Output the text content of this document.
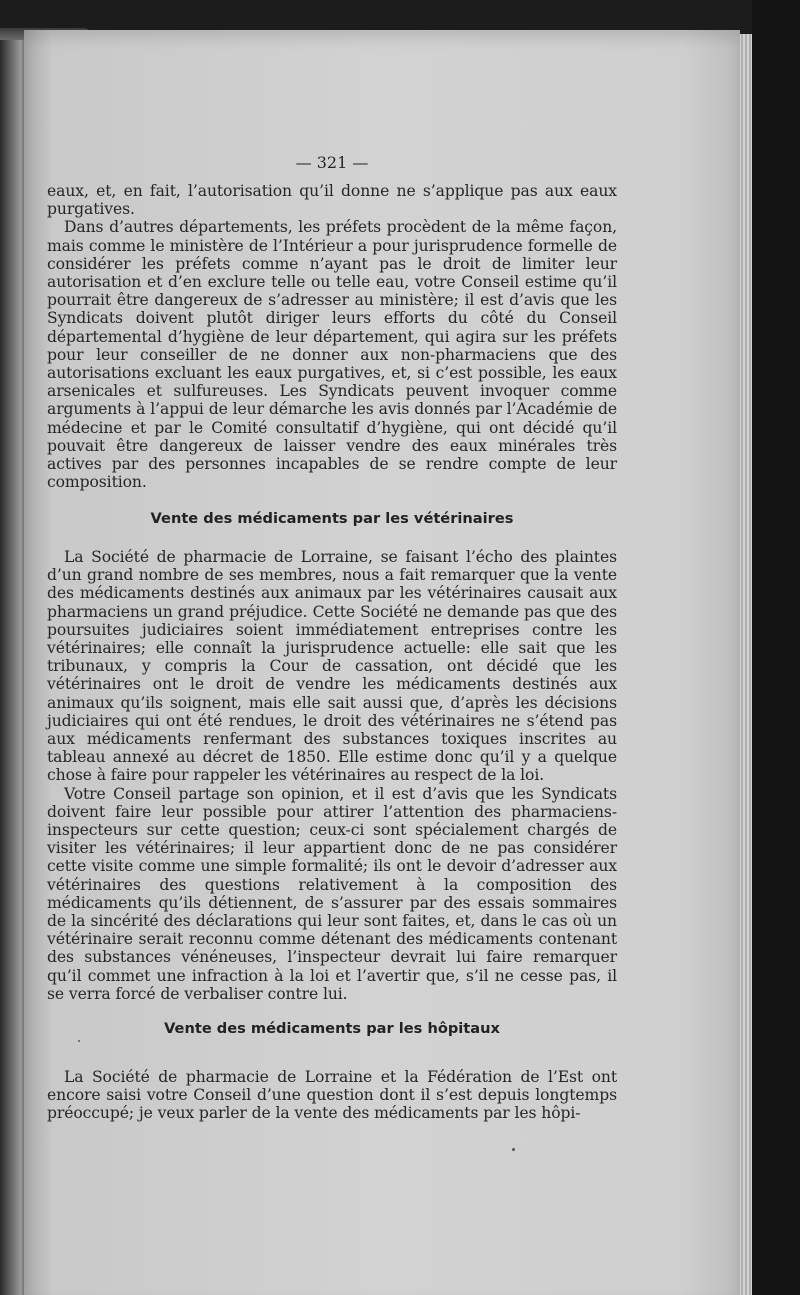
— 321 —

eaux, et, en fait, l’autorisation qu’il donne ne s’applique pas aux eaux purgatives.

Dans d’autres départements, les préfets procèdent de la même façon, mais comme le ministère de l’Intérieur a pour jurisprudence formelle de considérer les préfets comme n’ayant pas le droit de limiter leur autorisation et d’en exclure telle ou telle eau, votre Conseil estime qu’il pourrait être dangereux de s’adresser au ministère; il est d’avis que les Syndicats doivent plutôt diriger leurs efforts du côté du Conseil départemental d’hygiène de leur département, qui agira sur les préfets pour leur conseiller de ne donner aux non-pharmaciens que des autorisations excluant les eaux purgatives, et, si c’est possible, les eaux arsenicales et sulfureuses. Les Syndicats peuvent invoquer comme arguments à l’appui de leur démarche les avis donnés par l’Académie de médecine et par le Comité consultatif d’hygiène, qui ont décidé qu’il pouvait être dangereux de laisser vendre des eaux minérales très actives par des personnes incapables de se rendre compte de leur composition.

Vente des médicaments par les vétérinaires

La Société de pharmacie de Lorraine, se faisant l’écho des plaintes d’un grand nombre de ses membres, nous a fait remarquer que la vente des médicaments destinés aux animaux par les vétérinaires causait aux pharmaciens un grand préjudice. Cette Société ne demande pas que des poursuites judiciaires soient immédiatement entreprises contre les vétérinaires; elle connaît la jurisprudence actuelle: elle sait que les tribunaux, y compris la Cour de cassation, ont décidé que les vétérinaires ont le droit de vendre les médicaments destinés aux animaux qu’ils soignent, mais elle sait aussi que, d’après les décisions judiciaires qui ont été rendues, le droit des vétérinaires ne s’étend pas aux médicaments renfermant des substances toxiques inscrites au tableau annexé au décret de 1850. Elle estime donc qu’il y a quelque chose à faire pour rappeler les vétérinaires au respect de la loi.

Votre Conseil partage son opinion, et il est d’avis que les Syndicats doivent faire leur possible pour attirer l’attention des pharmaciens-inspecteurs sur cette question; ceux-ci sont spécialement chargés de visiter les vétérinaires; il leur appartient donc de ne pas considérer cette visite comme une simple formalité; ils ont le devoir d’adresser aux vétérinaires des questions relativement à la composition des médicaments qu’ils détiennent, de s’assurer par des essais sommaires de la sincérité des déclarations qui leur sont faites, et, dans le cas où un vétérinaire serait reconnu comme détenant des médicaments contenant des substances vénéneuses, l’inspecteur devrait lui faire remarquer qu’il commet une infraction à la loi et l’avertir que, s’il ne cesse pas, il se verra forcé de verbaliser contre lui.

Vente des médicaments par les hôpitaux

La Société de pharmacie de Lorraine et la Fédération de l’Est ont encore saisi votre Conseil d’une question dont il s’est depuis longtemps préoccupé; je veux parler de la vente des médicaments par les hôpi-
